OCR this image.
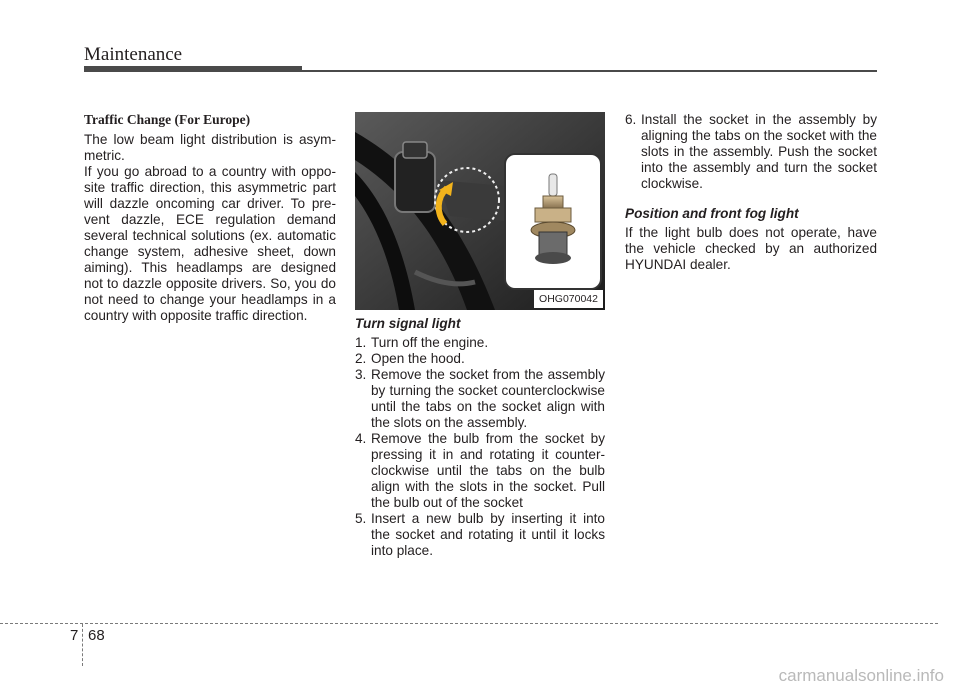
Maintenance
Traffic Change (For Europe)

The low beam light distribution is asym-metric.

If you go abroad to a country with oppo-site traffic direction, this asymmetric part will dazzle oncoming car driver. To pre-vent dazzle, ECE regulation demand several technical solutions (ex. automatic change system, adhesive sheet, down aiming). This headlamps are designed not to dazzle opposite drivers. So, you do not need to change your headlamps in a country with opposite traffic direction.

OHG070042
Turn signal light
1. Turn off the engine.
2. Open the hood.
3. Remove the socket from the assembly by turning the socket counterclockwise until the tabs on the socket align with the slots on the assembly.
4. Remove the bulb from the socket by pressing it in and rotating it counter-clockwise until the tabs on the bulb align with the slots in the socket. Pull the bulb out of the socket
5. Insert a new bulb by inserting it into the socket and rotating it until it locks into place.
6. Install the socket in the assembly by aligning the tabs on the socket with the slots in the assembly. Push the socket into the assembly and turn the socket clockwise.
Position and front fog light

If the light bulb does not operate, have the vehicle checked by an authorized HYUNDAI dealer.

7 68
carmanualsonline.info
